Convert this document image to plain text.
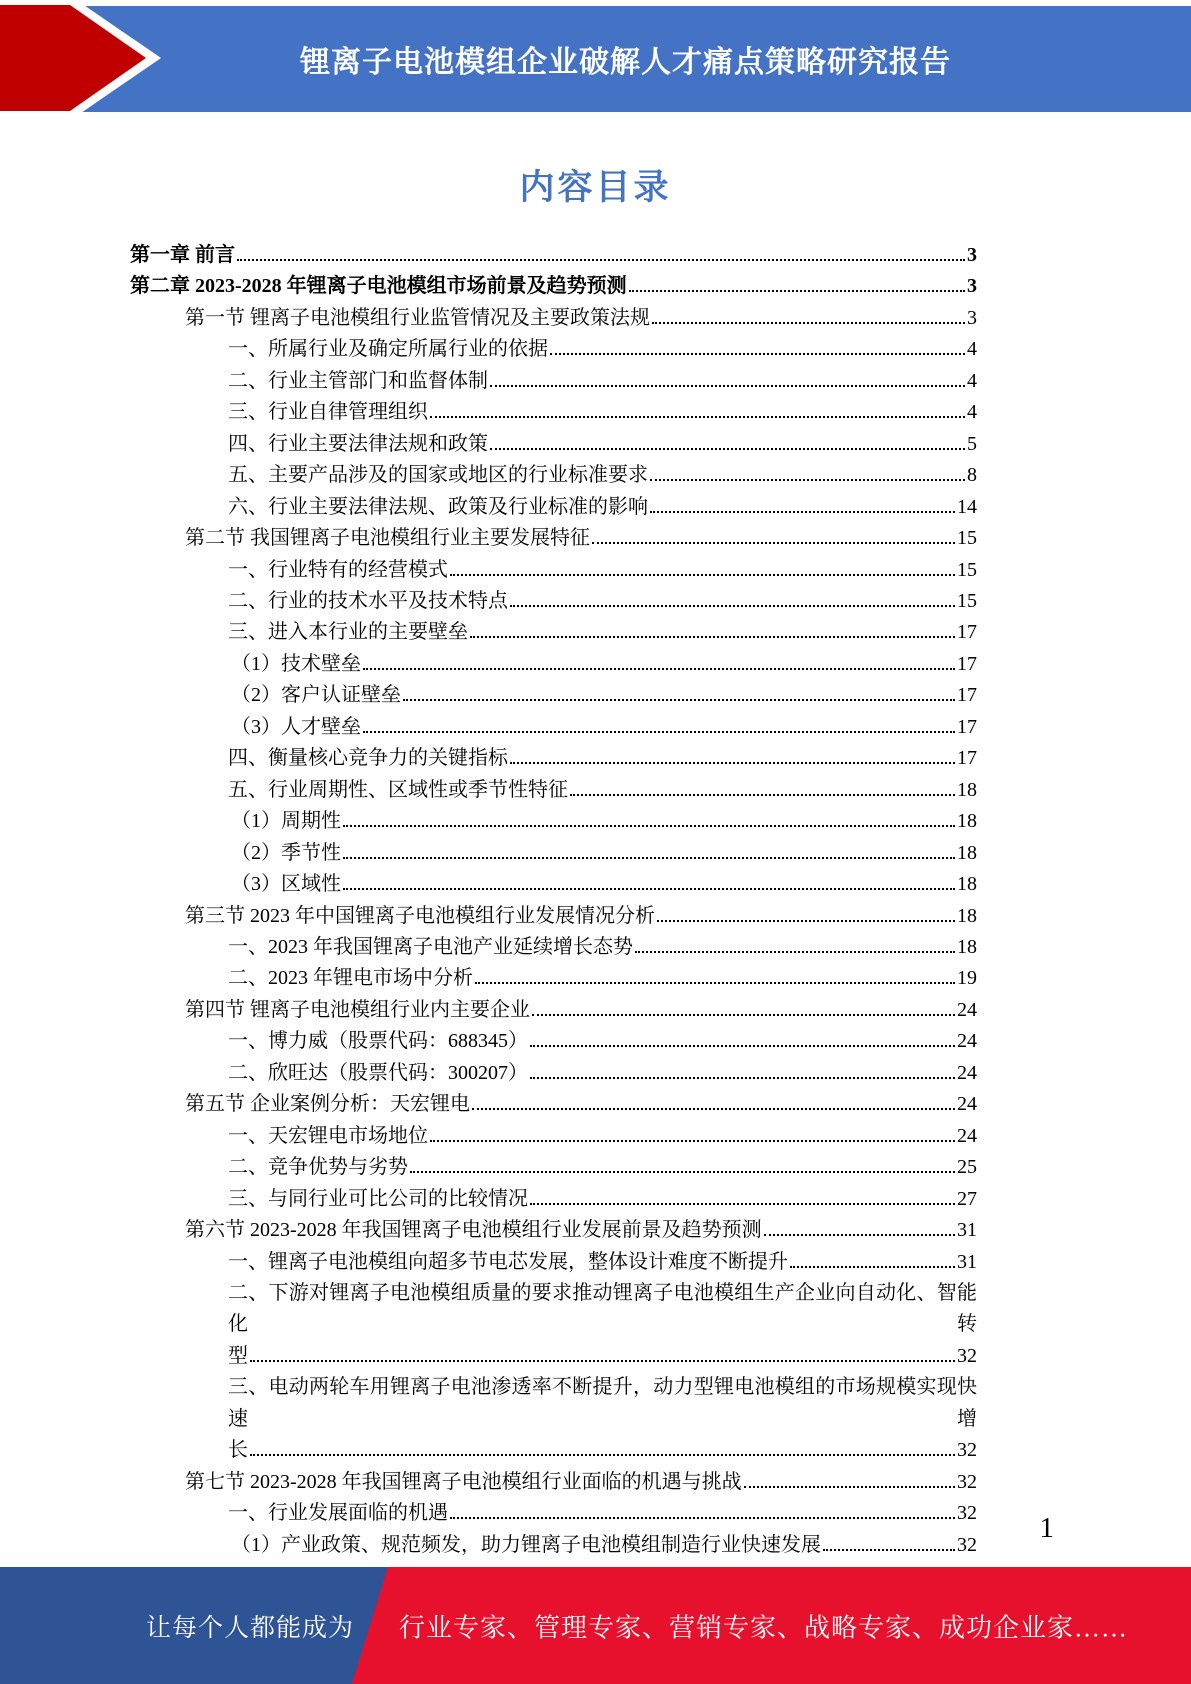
锂离子电池模组企业破解人才痛点策略研究报告
内容目录
第一章 前言	3
第二章 2023-2028 年锂离子电池模组市场前景及趋势预测	3
第一节 锂离子电池模组行业监管情况及主要政策法规	3
一、所属行业及确定所属行业的依据	4
二、行业主管部门和监督体制	4
三、行业自律管理组织	4
四、行业主要法律法规和政策	5
五、主要产品涉及的国家或地区的行业标准要求	8
六、行业主要法律法规、政策及行业标准的影响	14
第二节 我国锂离子电池模组行业主要发展特征	15
一、行业特有的经营模式	15
二、行业的技术水平及技术特点	15
三、进入本行业的主要壁垒	17
（1）技术壁垒	17
（2）客户认证壁垒	17
（3）人才壁垒	17
四、衡量核心竞争力的关键指标	17
五、行业周期性、区域性或季节性特征	18
（1）周期性	18
（2）季节性	18
（3）区域性	18
第三节 2023 年中国锂离子电池模组行业发展情况分析	18
一、2023 年我国锂离子电池产业延续增长态势	18
二、2023 年锂电市场中分析	19
第四节 锂离子电池模组行业内主要企业	24
一、博力威（股票代码：688345）	24
二、欣旺达（股票代码：300207）	24
第五节 企业案例分析：天宏锂电	24
一、天宏锂电市场地位	24
二、竞争优势与劣势	25
三、与同行业可比公司的比较情况	27
第六节 2023-2028 年我国锂离子电池模组行业发展前景及趋势预测	31
一、锂离子电池模组向超多节电芯发展，整体设计难度不断提升	31
二、下游对锂离子电池模组质量的要求推动锂离子电池模组生产企业向自动化、智能化转
型	32
三、电动两轮车用锂离子电池渗透率不断提升，动力型锂电池模组的市场规模实现快速增
长	32
第七节 2023-2028 年我国锂离子电池模组行业面临的机遇与挑战	32
一、行业发展面临的机遇	32
（1）产业政策、规范频发，助力锂离子电池模组制造行业快速发展	32
1
让每个人都能成为 行业专家、管理专家、营销专家、战略专家、成功企业家……
